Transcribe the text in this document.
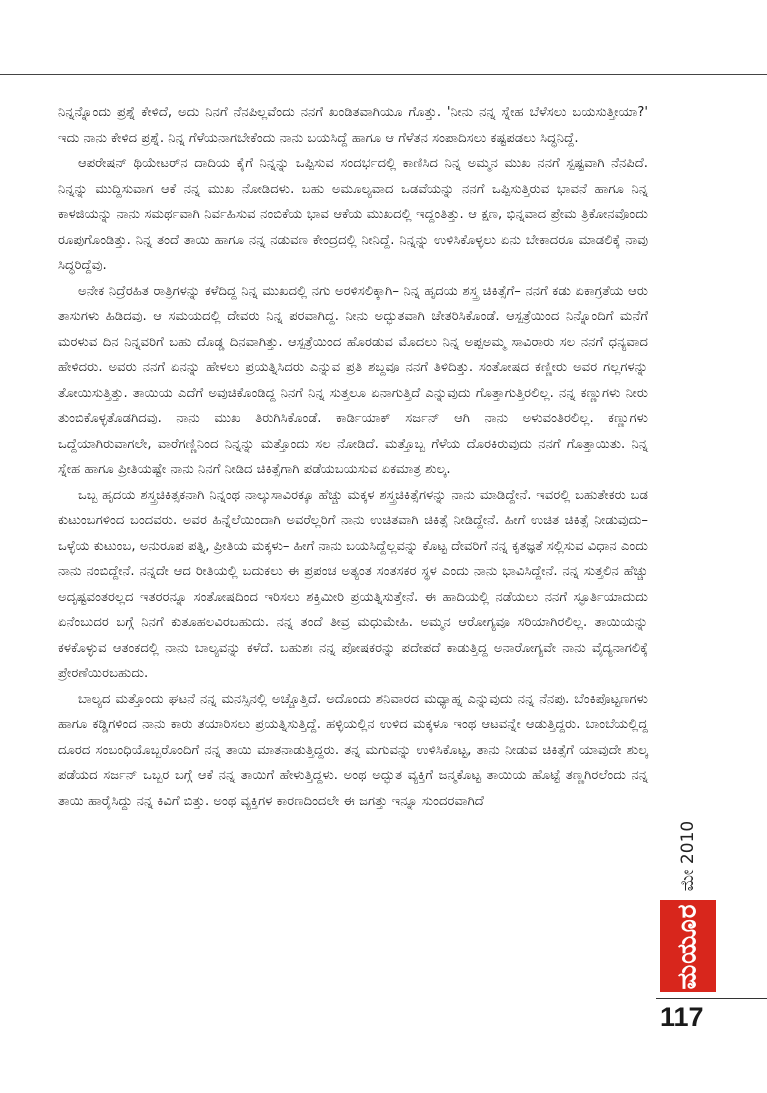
ನಿನ್ನನ್ನೊಂದು ಪ್ರಶ್ನೆ ಕೇಳಿದೆ, ಅದು ನಿನಗೆ ನೆನಪಿಲ್ಲವೆಂದು ನನಗೆ ಖಂಡಿತವಾಗಿಯೂ ಗೊತ್ತು. 'ನೀನು ನನ್ನ ಸ್ನೇಹ ಬೆಳೆಸಲು ಬಯಸುತ್ತೀಯಾ?' ಇದು ನಾನು ಕೇಳಿದ ಪ್ರಶ್ನೆ. ನಿನ್ನ ಗೆಳೆಯನಾಗಬೇಕೆಂದು ನಾನು ಬಯಸಿದ್ದೆ ಹಾಗೂ ಆ ಗೆಳೆತನ ಸಂಪಾದಿಸಲು ಕಷ್ಟಪಡಲು ಸಿದ್ಧನಿದ್ದೆ.

ಆಪರೇಷನ್ ಥಿಯೇಟರ್‌ನ ದಾದಿಯ ಕೈಗೆ ನಿನ್ನನ್ನು ಒಪ್ಪಿಸುವ ಸಂದರ್ಭದಲ್ಲಿ ಕಾಣಿಸಿದ ನಿನ್ನ ಅಮ್ಮನ ಮುಖ ನನಗೆ ಸ್ಪಷ್ಟವಾಗಿ ನೆನಪಿದೆ. ನಿನ್ನನ್ನು ಮುದ್ದಿಸುವಾಗ ಆಕೆ ನನ್ನ ಮುಖ ನೋಡಿದಳು. ಬಹು ಅಮೂಲ್ಯವಾದ ಒಡವೆಯನ್ನು ನನಗೆ ಒಪ್ಪಿಸುತ್ತಿರುವ ಭಾವನೆ ಹಾಗೂ ನಿನ್ನ ಕಾಳಜಿಯನ್ನು ನಾನು ಸಮರ್ಥವಾಗಿ ನಿರ್ವಹಿಸುವ ನಂಬಿಕೆಯ ಭಾವ ಆಕೆಯ ಮುಖದಲ್ಲಿ ಇದ್ದಂತಿತ್ತು. ಆ ಕ್ಷಣ, ಭಿನ್ನವಾದ ಪ್ರೇಮ ತ್ರಿಕೋನವೊಂದು ರೂಪುಗೊಂಡಿತ್ತು. ನಿನ್ನ ತಂದೆ ತಾಯಿ ಹಾಗೂ ನನ್ನ ನಡುವಣ ಕೇಂದ್ರದಲ್ಲಿ ನೀನಿದ್ದೆ. ನಿನ್ನನ್ನು ಉಳಿಸಿಕೊಳ್ಳಲು ಏನು ಬೇಕಾದರೂ ಮಾಡಲಿಕ್ಕೆ ನಾವು ಸಿದ್ಧರಿದ್ದೆವು.

ಅನೇಕ ನಿದ್ರೆರಹಿತ ರಾತ್ರಿಗಳನ್ನು ಕಳೆದಿದ್ದ ನಿನ್ನ ಮುಖದಲ್ಲಿ ನಗು ಅರಳಿಸಲಿಕ್ಕಾಗಿ– ನಿನ್ನ ಹೃದಯ ಶಸ್ತ್ರ ಚಿಕಿತ್ಸೆಗೆ– ನನಗೆ ಕಡು ಏಕಾಗ್ರತೆಯ ಆರು ತಾಸುಗಳು ಹಿಡಿದವು. ಆ ಸಮಯದಲ್ಲಿ ದೇವರು ನಿನ್ನ ಪರವಾಗಿದ್ದ. ನೀನು ಅದ್ಭುತವಾಗಿ ಚೇತರಿಸಿಕೊಂಡೆ. ಆಸ್ಪತ್ರೆಯಿಂದ ನಿನ್ನೊಂದಿಗೆ ಮನೆಗೆ ಮರಳುವ ದಿನ ನಿನ್ನವರಿಗೆ ಬಹು ದೊಡ್ಡ ದಿನವಾಗಿತ್ತು. ಆಸ್ಪತ್ರೆಯಿಂದ ಹೊರಡುವ ಮೊದಲು ನಿನ್ನ ಅಪ್ಪಅಮ್ಮ ಸಾವಿರಾರು ಸಲ ನನಗೆ ಧನ್ಯವಾದ ಹೇಳಿದರು. ಅವರು ನನಗೆ ಏನನ್ನು ಹೇಳಲು ಪ್ರಯತ್ನಿಸಿದರು ಎನ್ನುವ ಪ್ರತಿ ಶಬ್ದವೂ ನನಗೆ ತಿಳಿದಿತ್ತು. ಸಂತೋಷದ ಕಣ್ಣೀರು ಅವರ ಗಲ್ಲಗಳನ್ನು ತೋಯಿಸುತ್ತಿತ್ತು. ತಾಯಿಯ ಎದೆಗೆ ಅವುಚಿಕೊಂಡಿದ್ದ ನಿನಗೆ ನಿನ್ನ ಸುತ್ತಲೂ ಏನಾಗುತ್ತಿದೆ ಎನ್ನುವುದು ಗೊತ್ತಾಗುತ್ತಿರಲಿಲ್ಲ. ನನ್ನ ಕಣ್ಣುಗಳು ನೀರು ತುಂಬಿಕೊಳ್ಳತೊಡಗಿದವು. ನಾನು ಮುಖ ತಿರುಗಿಸಿಕೊಂಡೆ. ಕಾರ್ಡಿಯಾಕ್ ಸರ್ಜನ್ ಆಗಿ ನಾನು ಅಳುವಂತಿರಲಿಲ್ಲ. ಕಣ್ಣುಗಳು ಒದ್ದೆಯಾಗಿರುವಾಗಲೇ, ವಾರೆಗಣ್ಣಿನಿಂದ ನಿನ್ನನ್ನು ಮತ್ತೊಂದು ಸಲ ನೋಡಿದೆ. ಮತ್ತೊಬ್ಬ ಗೆಳೆಯ ದೊರಕಿರುವುದು ನನಗೆ ಗೊತ್ತಾಯಿತು. ನಿನ್ನ ಸ್ನೇಹ ಹಾಗೂ ಪ್ರೀತಿಯಷ್ಟೇ ನಾನು ನಿನಗೆ ನೀಡಿದ ಚಿಕಿತ್ಸೆಗಾಗಿ ಪಡೆಯಬಯಸುವ ಏಕಮಾತ್ರ ಶುಲ್ಕ.

ಒಬ್ಬ ಹೃದಯ ಶಸ್ತ್ರಚಿಕಿತ್ಸಕನಾಗಿ ನಿನ್ನಂಥ ನಾಲ್ಕುಸಾವಿರಕ್ಕೂ ಹೆಚ್ಚು ಮಕ್ಕಳ ಶಸ್ತ್ರಚಿಕಿತ್ಸೆಗಳನ್ನು ನಾನು ಮಾಡಿದ್ದೇನೆ. ಇವರಲ್ಲಿ ಬಹುತೇಕರು ಬಡ ಕುಟುಂಬಗಳಿಂದ ಬಂದವರು. ಅವರ ಹಿನ್ನೆಲೆಯಿಂದಾಗಿ ಅವರೆಲ್ಲರಿಗೆ ನಾನು ಉಚಿತವಾಗಿ ಚಿಕಿತ್ಸೆ ನೀಡಿದ್ದೇನೆ. ಹೀಗೆ ಉಚಿತ ಚಿಕಿತ್ಸೆ ನೀಡುವುದು– ಒಳ್ಳೆಯ ಕುಟುಂಬ, ಅನುರೂಪ ಪತ್ನಿ, ಪ್ರೀತಿಯ ಮಕ್ಕಳು– ಹೀಗೆ ನಾನು ಬಯಸಿದ್ದೆಲ್ಲವನ್ನು ಕೊಟ್ಟ ದೇವರಿಗೆ ನನ್ನ ಕೃತಜ್ಞತೆ ಸಲ್ಲಿಸುವ ವಿಧಾನ ಎಂದು ನಾನು ನಂಬಿದ್ದೇನೆ. ನನ್ನದೇ ಆದ ರೀತಿಯಲ್ಲಿ ಬದುಕಲು ಈ ಪ್ರಪಂಚ ಅತ್ಯಂತ ಸಂತಸಕರ ಸ್ಥಳ ಎಂದು ನಾನು ಭಾವಿಸಿದ್ದೇನೆ. ನನ್ನ ಸುತ್ತಲಿನ ಹೆಚ್ಚು ಅದೃಷ್ಟವಂತರಲ್ಲದ ಇತರರನ್ನೂ ಸಂತೋಷದಿಂದ ಇರಿಸಲು ಶಕ್ತಿಮೀರಿ ಪ್ರಯತ್ನಿಸುತ್ತೇನೆ. ಈ ಹಾದಿಯಲ್ಲಿ ನಡೆಯಲು ನನಗೆ ಸ್ಫೂರ್ತಿಯಾದುದು ಏನೆಂಬುದರ ಬಗ್ಗೆ ನಿನಗೆ ಕುತೂಹಲವಿರಬಹುದು. ನನ್ನ ತಂದೆ ತೀವ್ರ ಮಧುಮೇಹಿ. ಅಮ್ಮನ ಆರೋಗ್ಯವೂ ಸರಿಯಾಗಿರಲಿಲ್ಲ. ತಾಯಿಯನ್ನು ಕಳಕೊಳ್ಳುವ ಆತಂಕದಲ್ಲಿ ನಾನು ಬಾಲ್ಯವನ್ನು ಕಳೆದೆ. ಬಹುಶಃ ನನ್ನ ಪೋಷಕರನ್ನು ಪದೇಪದೆ ಕಾಡುತ್ತಿದ್ದ ಅನಾರೋಗ್ಯವೇ ನಾನು ವೈದ್ಯನಾಗಲಿಕ್ಕೆ ಪ್ರೇರಣೆಯಿರಬಹುದು.

ಬಾಲ್ಯದ ಮತ್ತೊಂದು ಘಟನೆ ನನ್ನ ಮನಸ್ಸಿನಲ್ಲಿ ಅಚ್ಚೊತ್ತಿದೆ. ಅದೊಂದು ಶನಿವಾರದ ಮಧ್ಯಾಹ್ನ ಎನ್ನುವುದು ನನ್ನ ನೆನಪು. ಬೆಂಕಿಪೊಟ್ಟಣಗಳು ಹಾಗೂ ಕಡ್ಡಿಗಳಿಂದ ನಾನು ಕಾರು ತಯಾರಿಸಲು ಪ್ರಯತ್ನಿಸುತ್ತಿದ್ದೆ. ಹಳ್ಳಿಯಲ್ಲಿನ ಉಳಿದ ಮಕ್ಕಳೂ ಇಂಥ ಆಟವನ್ನೇ ಆಡುತ್ತಿದ್ದರು. ಬಾಂಬೆಯಲ್ಲಿದ್ದ ದೂರದ ಸಂಬಂಧಿಯೊಬ್ಬರೊಂದಿಗೆ ನನ್ನ ತಾಯಿ ಮಾತನಾಡುತ್ತಿದ್ದರು. ತನ್ನ ಮಗುವನ್ನು ಉಳಿಸಿಕೊಟ್ಟ, ತಾನು ನೀಡುವ ಚಿಕಿತ್ಸೆಗೆ ಯಾವುದೇ ಶುಲ್ಕ ಪಡೆಯದ ಸರ್ಜನ್ ಒಬ್ಬರ ಬಗ್ಗೆ ಆಕೆ ನನ್ನ ತಾಯಿಗೆ ಹೇಳುತ್ತಿದ್ದಳು. ಅಂಥ ಅದ್ಭುತ ವ್ಯಕ್ತಿಗೆ ಜನ್ಮಕೊಟ್ಟ ತಾಯಿಯ ಹೊಟ್ಟೆ ತಣ್ಣಗಿರಲೆಂದು ನನ್ನ ತಾಯಿ ಹಾರೈಸಿದ್ದು ನನ್ನ ಕಿವಿಗೆ ಬಿತ್ತು. ಅಂಥ ವ್ಯಕ್ತಿಗಳ ಕಾರಣದಿಂದಲೇ ಈ ಜಗತ್ತು ಇನ್ನೂ ಸುಂದರವಾಗಿದೆ

ಮೇ 2010
ಮಯೂರ
117
